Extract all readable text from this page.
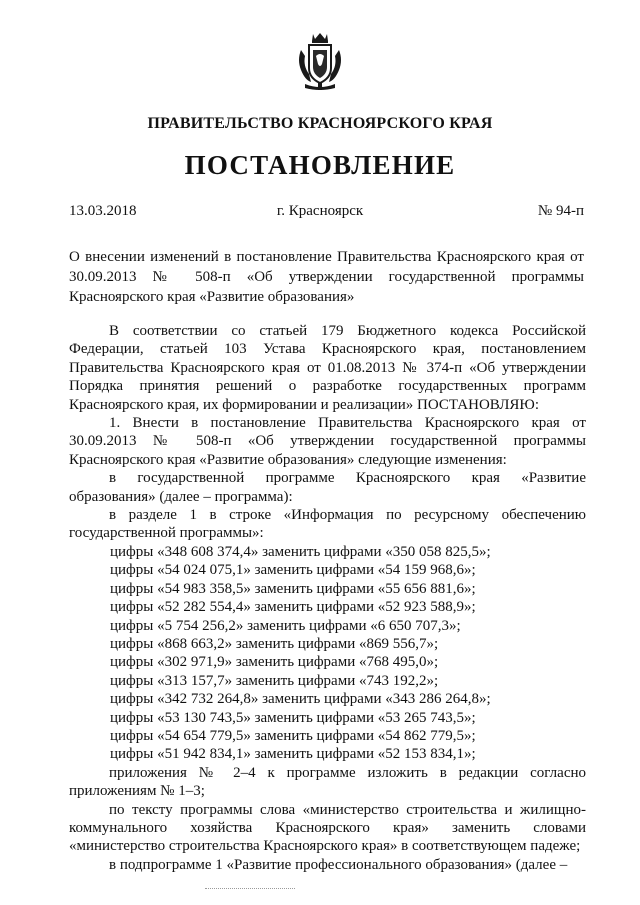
ПРАВИТЕЛЬСТВО КРАСНОЯРСКОГО КРАЯ
ПОСТАНОВЛЕНИЕ
13.03.2018	г. Красноярск	№ 94-п
О внесении изменений в постановление Правительства Красноярского края от 30.09.2013 № 508-п «Об утверждении государственной программы Красноярского края «Развитие образования»

В соответствии со статьей 179 Бюджетного кодекса Российской Федерации, статьей 103 Устава Красноярского края, постановлением Правительства Красноярского края от 01.08.2013 № 374-п «Об утверждении Порядка принятия решений о разработке государственных программ Красноярского края, их формировании и реализации» ПОСТАНОВЛЯЮ:

1. Внести в постановление Правительства Красноярского края от 30.09.2013 № 508-п «Об утверждении государственной программы Красноярского края «Развитие образования» следующие изменения:

в государственной программе Красноярского края «Развитие образования» (далее – программа):

в разделе 1 в строке «Информация по ресурсному обеспечению государственной программы»:

цифры «348 608 374,4» заменить цифрами «350 058 825,5»;

цифры «54 024 075,1» заменить цифрами «54 159 968,6»;

цифры «54 983 358,5» заменить цифрами «55 656 881,6»;

цифры «52 282 554,4» заменить цифрами «52 923 588,9»;

цифры «5 754 256,2» заменить цифрами «6 650 707,3»;

цифры «868 663,2» заменить цифрами «869 556,7»;

цифры «302 971,9» заменить цифрами «768 495,0»;

цифры «313 157,7» заменить цифрами «743 192,2»;

цифры «342 732 264,8» заменить цифрами «343 286 264,8»;

цифры «53 130 743,5» заменить цифрами «53 265 743,5»;

цифры «54 654 779,5» заменить цифрами «54 862 779,5»;

цифры «51 942 834,1» заменить цифрами «52 153 834,1»;

приложения № 2–4 к программе изложить в редакции согласно приложениям № 1–3;

по тексту программы слова «министерство строительства и жилищно-коммунального хозяйства Красноярского края» заменить словами «министерство строительства Красноярского края» в соответствующем падеже;

в подпрограмме 1 «Развитие профессионального образования» (далее –
